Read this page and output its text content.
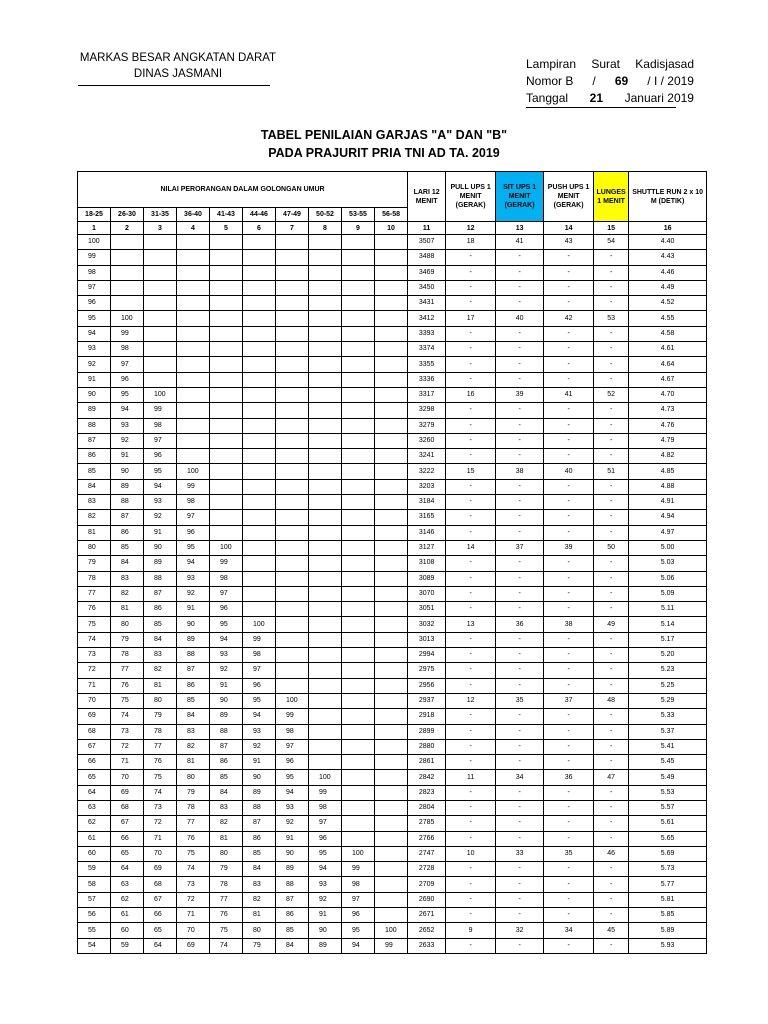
MARKAS BESAR ANGKATAN DARAT
DINAS JASMANI
Lampiran Surat Kadisjasad
Nomor B / 69 / I / 2019
Tanggal 21 Januari 2019
TABEL PENILAIAN GARJAS "A" DAN "B"
PADA PRAJURIT PRIA TNI AD TA. 2019
NILAI PERORANGAN DALAM GOLONGAN UMUR										LARI 12 MENIT	PULL UPS 1 MENIT (GERAK)	SIT UPS 1 MENIT (GERAK)	PUSH UPS 1 MENIT (GERAK)	LUNGES 1 MENIT	SHUTTLE RUN 2 x 10 M (DETIK)
18-25	26-30	31-35	36-40	41-43	44-46	47-49	50-52	53-55	56-58						
1	2	3	4	5	6	7	8	9	10	11	12	13	14	15	16
100										3507	18	41	43	54	4.40
99										3488	-	-	-	-	4.43
98										3469	-	-	-	-	4.46
97										3450	-	-	-	-	4.49
96										3431	-	-	-	-	4.52
95	100									3412	17	40	42	53	4.55
94	99									3393	-	-	-	-	4.58
93	98									3374	-	-	-	-	4.61
92	97									3355	-	-	-	-	4.64
91	96									3336	-	-	-	-	4.67
90	95	100								3317	16	39	41	52	4.70
89	94	99								3298	-	-	-	-	4.73
88	93	98								3279	-	-	-	-	4.76
87	92	97								3260	-	-	-	-	4.79
86	91	96								3241	-	-	-	-	4.82
85	90	95	100							3222	15	38	40	51	4.85
84	89	94	99							3203	-	-	-	-	4.88
83	88	93	98							3184	-	-	-	-	4.91
82	87	92	97							3165	-	-	-	-	4.94
81	86	91	96							3146	-	-	-	-	4.97
80	85	90	95	100						3127	14	37	39	50	5.00
79	84	89	94	99						3108	-	-	-	-	5.03
78	83	88	93	98						3089	-	-	-	-	5.06
77	82	87	92	97						3070	-	-	-	-	5.09
76	81	86	91	96						3051	-	-	-	-	5.11
75	80	85	90	95	100					3032	13	36	38	49	5.14
74	79	84	89	94	99					3013	-	-	-	-	5.17
73	78	83	88	93	98					2994	-	-	-	-	5.20
72	77	82	87	92	97					2975	-	-	-	-	5.23
71	76	81	86	91	96					2956	-	-	-	-	5.25
70	75	80	85	90	95	100				2937	12	35	37	48	5.29
69	74	79	84	89	94	99				2918	-	-	-	-	5.33
68	73	78	83	88	93	98				2899	-	-	-	-	5.37
67	72	77	82	87	92	97				2880	-	-	-	-	5.41
66	71	76	81	86	91	96				2861	-	-	-	-	5.45
65	70	75	80	85	90	95	100			2842	11	34	36	47	5.49
64	69	74	79	84	89	94	99			2823	-	-	-	-	5.53
63	68	73	78	83	88	93	98			2804	-	-	-	-	5.57
62	67	72	77	82	87	92	97			2785	-	-	-	-	5.61
61	66	71	76	81	86	91	96			2766	-	-	-	-	5.65
60	65	70	75	80	85	90	95	100		2747	10	33	35	46	5.69
59	64	69	74	79	84	89	94	99		2728	-	-	-	-	5.73
58	63	68	73	78	83	88	93	98		2709	-	-	-	-	5.77
57	62	67	72	77	82	87	92	97		2690	-	-	-	-	5.81
56	61	66	71	76	81	86	91	96		2671	-	-	-	-	5.85
55	60	65	70	75	80	85	90	95	100	2652	9	32	34	45	5.89
54	59	64	69	74	79	84	89	94	99	2633	-	-	-	-	5.93
